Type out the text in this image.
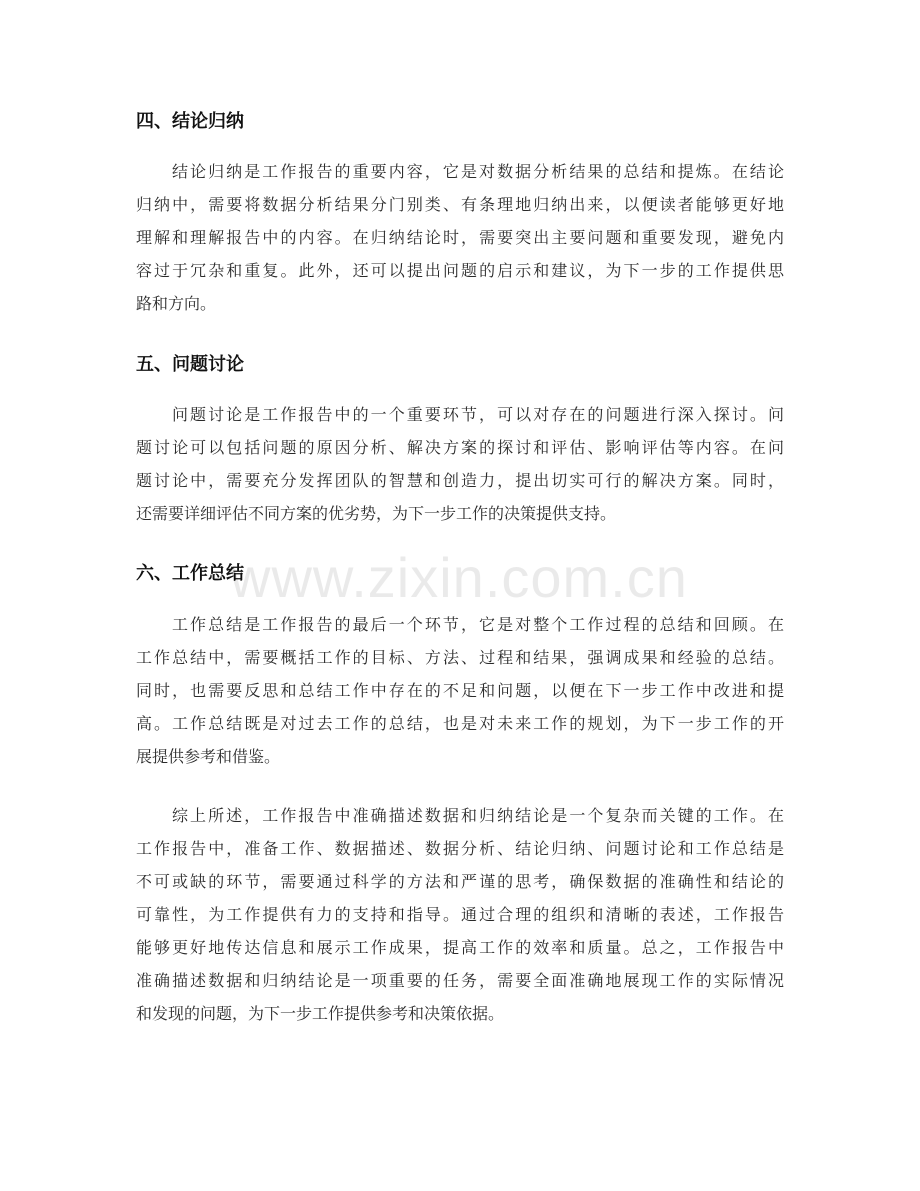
四、结论归纳
结论归纳是工作报告的重要内容，它是对数据分析结果的总结和提炼。在结论
归纳中，需要将数据分析结果分门别类、有条理地归纳出来，以便读者能够更好地
理解和理解报告中的内容。在归纳结论时，需要突出主要问题和重要发现，避免内
容过于冗杂和重复。此外，还可以提出问题的启示和建议，为下一步的工作提供思
路和方向。
五、问题讨论
问题讨论是工作报告中的一个重要环节，可以对存在的问题进行深入探讨。问
题讨论可以包括问题的原因分析、解决方案的探讨和评估、影响评估等内容。在问
题讨论中，需要充分发挥团队的智慧和创造力，提出切实可行的解决方案。同时，
还需要详细评估不同方案的优劣势，为下一步工作的决策提供支持。
六、工作总结
工作总结是工作报告的最后一个环节，它是对整个工作过程的总结和回顾。在
工作总结中，需要概括工作的目标、方法、过程和结果，强调成果和经验的总结。
同时，也需要反思和总结工作中存在的不足和问题，以便在下一步工作中改进和提
高。工作总结既是对过去工作的总结，也是对未来工作的规划，为下一步工作的开
展提供参考和借鉴。
综上所述，工作报告中准确描述数据和归纳结论是一个复杂而关键的工作。在
工作报告中，准备工作、数据描述、数据分析、结论归纳、问题讨论和工作总结是
不可或缺的环节，需要通过科学的方法和严谨的思考，确保数据的准确性和结论的
可靠性，为工作提供有力的支持和指导。通过合理的组织和清晰的表述，工作报告
能够更好地传达信息和展示工作成果，提高工作的效率和质量。总之，工作报告中
准确描述数据和归纳结论是一项重要的任务，需要全面准确地展现工作的实际情况
和发现的问题，为下一步工作提供参考和决策依据。
www.zixin.com.cn
